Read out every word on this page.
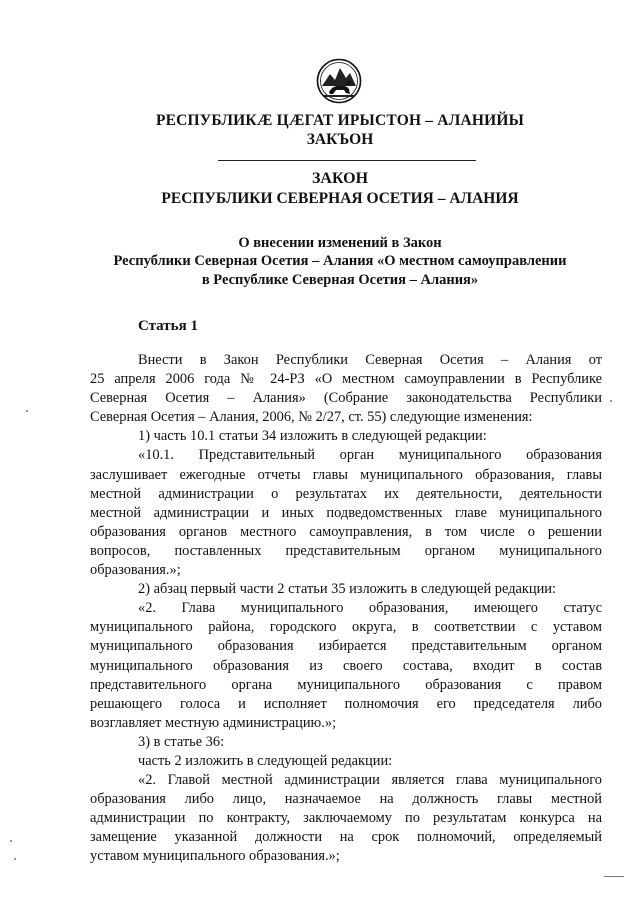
РЕСПУБЛИКÆ ЦÆГАТ ИРЫСТОН – АЛАНИЙЫ
ЗАКЪОН
ЗАКОН
РЕСПУБЛИКИ СЕВЕРНАЯ ОСЕТИЯ – АЛАНИЯ
О внесении изменений в Закон
Республики Северная Осетия – Алания «О местном самоуправлении
в Республике Северная Осетия – Алания»
Статья 1

Внести в Закон Республики Северная Осетия – Алания от

25 апреля 2006 года № 24-РЗ «О местном самоуправлении в Республике

Северная Осетия – Алания» (Собрание законодательства Республики

Северная Осетия – Алания, 2006, № 2/27, ст. 55) следующие изменения:

1) часть 10.1 статьи 34 изложить в следующей редакции:

«10.1. Представительный орган муниципального образования

заслушивает ежегодные отчеты главы муниципального образования, главы

местной администрации о результатах их деятельности, деятельности

местной администрации и иных подведомственных главе муниципального

образования органов местного самоуправления, в том числе о решении

вопросов, поставленных представительным органом муниципального

образования.»;

2) абзац первый части 2 статьи 35 изложить в следующей редакции:

«2. Глава муниципального образования, имеющего статус

муниципального района, городского округа, в соответствии с уставом

муниципального образования избирается представительным органом

муниципального образования из своего состава, входит в состав

представительного органа муниципального образования с правом

решающего голоса и исполняет полномочия его председателя либо

возглавляет местную администрацию.»;

3) в статье 36:

часть 2 изложить в следующей редакции:

«2. Главой местной администрации является глава муниципального

образования либо лицо, назначаемое на должность главы местной

администрации по контракту, заключаемому по результатам конкурса на

замещение указанной должности на срок полномочий, определяемый

уставом муниципального образования.»;
